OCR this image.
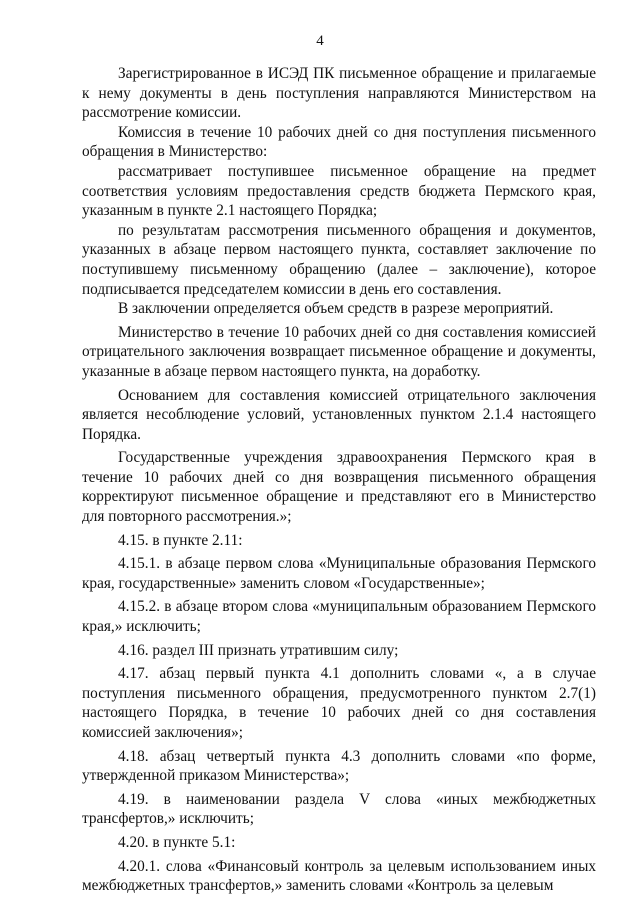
4

Зарегистрированное в ИСЭД ПК письменное обращение и прилагаемые к нему документы в день поступления направляются Министерством на рассмотрение комиссии.

Комиссия в течение 10 рабочих дней со дня поступления письменного обращения в Министерство:

рассматривает поступившее письменное обращение на предмет соответствия условиям предоставления средств бюджета Пермского края, указанным в пункте 2.1 настоящего Порядка;

по результатам рассмотрения письменного обращения и документов, указанных в абзаце первом настоящего пункта, составляет заключение по поступившему письменному обращению (далее – заключение), которое подписывается председателем комиссии в день его составления.

В заключении определяется объем средств в разрезе мероприятий.

Министерство в течение 10 рабочих дней со дня составления комиссией отрицательного заключения возвращает письменное обращение и документы, указанные в абзаце первом настоящего пункта, на доработку.

Основанием для составления комиссией отрицательного заключения является несоблюдение условий, установленных пунктом 2.1.4 настоящего Порядка.

Государственные учреждения здравоохранения Пермского края в течение 10 рабочих дней со дня возвращения письменного обращения корректируют письменное обращение и представляют его в Министерство для повторного рассмотрения.»;

4.15. в пункте 2.11:

4.15.1. в абзаце первом слова «Муниципальные образования Пермского края, государственные» заменить словом «Государственные»;

4.15.2. в абзаце втором слова «муниципальным образованием Пермского края,» исключить;

4.16. раздел III признать утратившим силу;

4.17. абзац первый пункта 4.1 дополнить словами «, а в случае поступления письменного обращения, предусмотренного пунктом 2.7(1) настоящего Порядка, в течение 10 рабочих дней со дня составления комиссией заключения»;

4.18. абзац четвертый пункта 4.3 дополнить словами «по форме, утвержденной приказом Министерства»;

4.19. в наименовании раздела V слова «иных межбюджетных трансфертов,» исключить;

4.20. в пункте 5.1:

4.20.1. слова «Финансовый контроль за целевым использованием иных межбюджетных трансфертов,» заменить словами «Контроль за целевым
